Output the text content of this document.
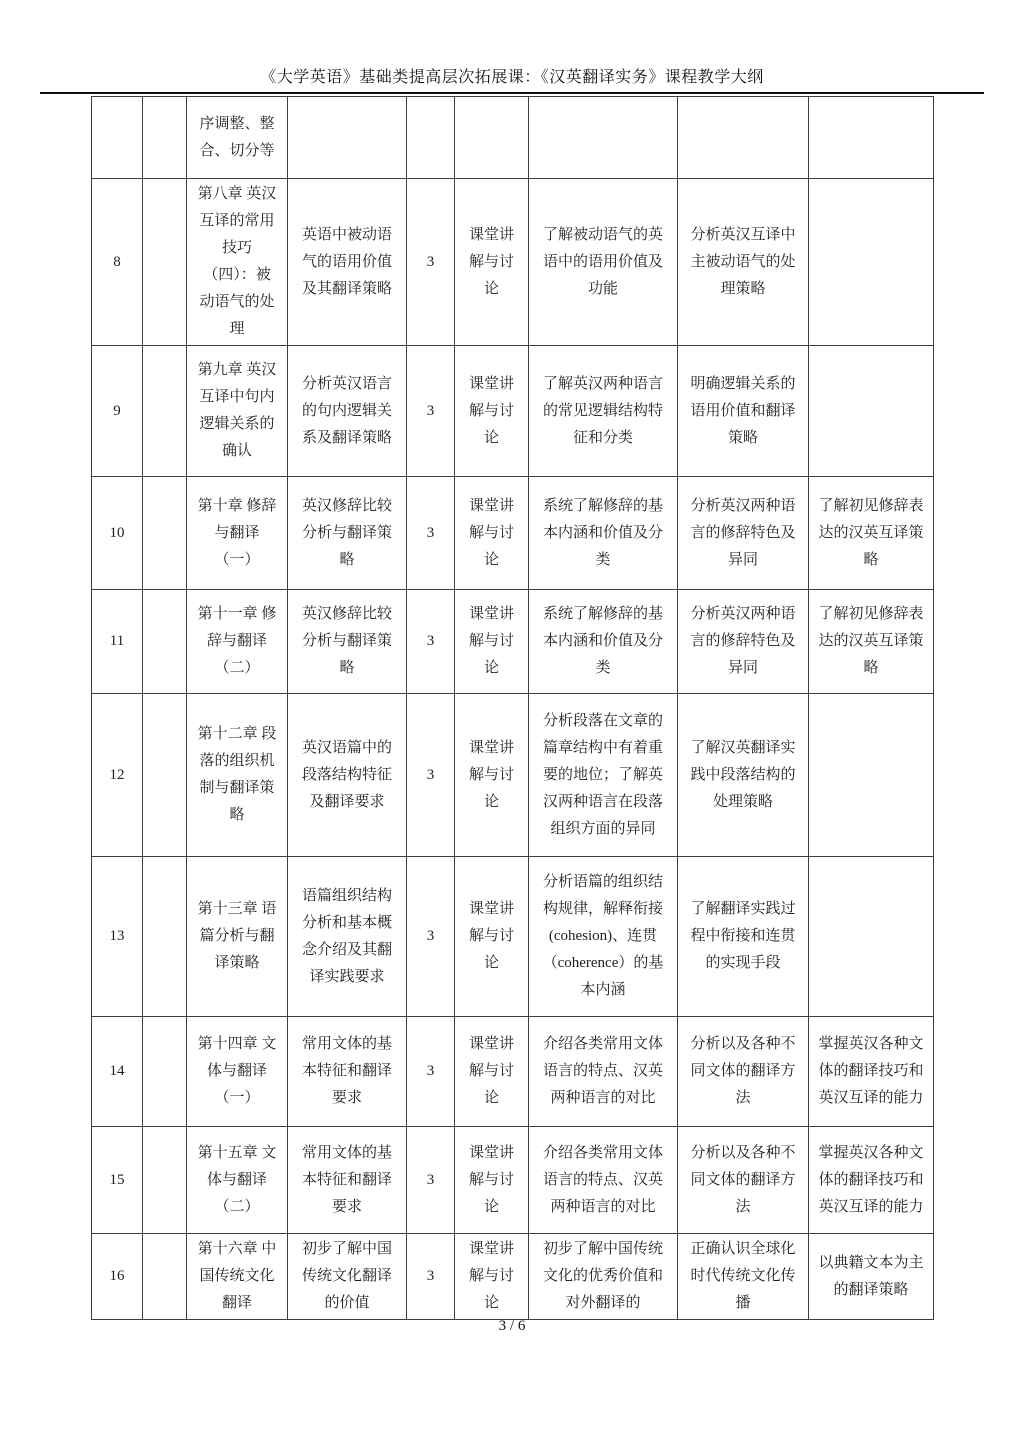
《大学英语》基础类提高层次拓展课：《汉英翻译实务》课程教学大纲
		序调整、整合、切分等						
8		第八章 英汉互译的常用技巧（四）：被动语气的处理	英语中被动语气的语用价值及其翻译策略	3	课堂讲解与讨论	了解被动语气的英语中的语用价值及功能	分析英汉互译中主被动语气的处理策略	
9		第九章 英汉互译中句内逻辑关系的确认	分析英汉语言的句内逻辑关系及翻译策略	3	课堂讲解与讨论	了解英汉两种语言的常见逻辑结构特征和分类	明确逻辑关系的语用价值和翻译策略	
10		第十章 修辞与翻译（一）	英汉修辞比较分析与翻译策略	3	课堂讲解与讨论	系统了解修辞的基本内涵和价值及分类	分析英汉两种语言的修辞特色及异同	了解初见修辞表达的汉英互译策略
11		第十一章 修辞与翻译（二）	英汉修辞比较分析与翻译策略	3	课堂讲解与讨论	系统了解修辞的基本内涵和价值及分类	分析英汉两种语言的修辞特色及异同	了解初见修辞表达的汉英互译策略
12		第十二章 段落的组织机制与翻译策略	英汉语篇中的段落结构特征及翻译要求	3	课堂讲解与讨论	分析段落在文章的篇章结构中有着重要的地位；了解英汉两种语言在段落组织方面的异同	了解汉英翻译实践中段落结构的处理策略	
13		第十三章 语篇分析与翻译策略	语篇组织结构分析和基本概念介绍及其翻译实践要求	3	课堂讲解与讨论	分析语篇的组织结构规律，解释衔接 (cohesion)、连贯（coherence）的基本内涵	了解翻译实践过程中衔接和连贯的实现手段	
14		第十四章 文体与翻译（一）	常用文体的基本特征和翻译要求	3	课堂讲解与讨论	介绍各类常用文体语言的特点、汉英两种语言的对比	分析以及各种不同文体的翻译方法	掌握英汉各种文体的翻译技巧和英汉互译的能力
15		第十五章 文体与翻译（二）	常用文体的基本特征和翻译要求	3	课堂讲解与讨论	介绍各类常用文体语言的特点、汉英两种语言的对比	分析以及各种不同文体的翻译方法	掌握英汉各种文体的翻译技巧和英汉互译的能力
16		第十六章 中国传统文化翻译	初步了解中国传统文化翻译的价值	3	课堂讲解与讨论	初步了解中国传统文化的优秀价值和对外翻译的	正确认识全球化时代传统文化传播	以典籍文本为主的翻译策略
3 / 6
